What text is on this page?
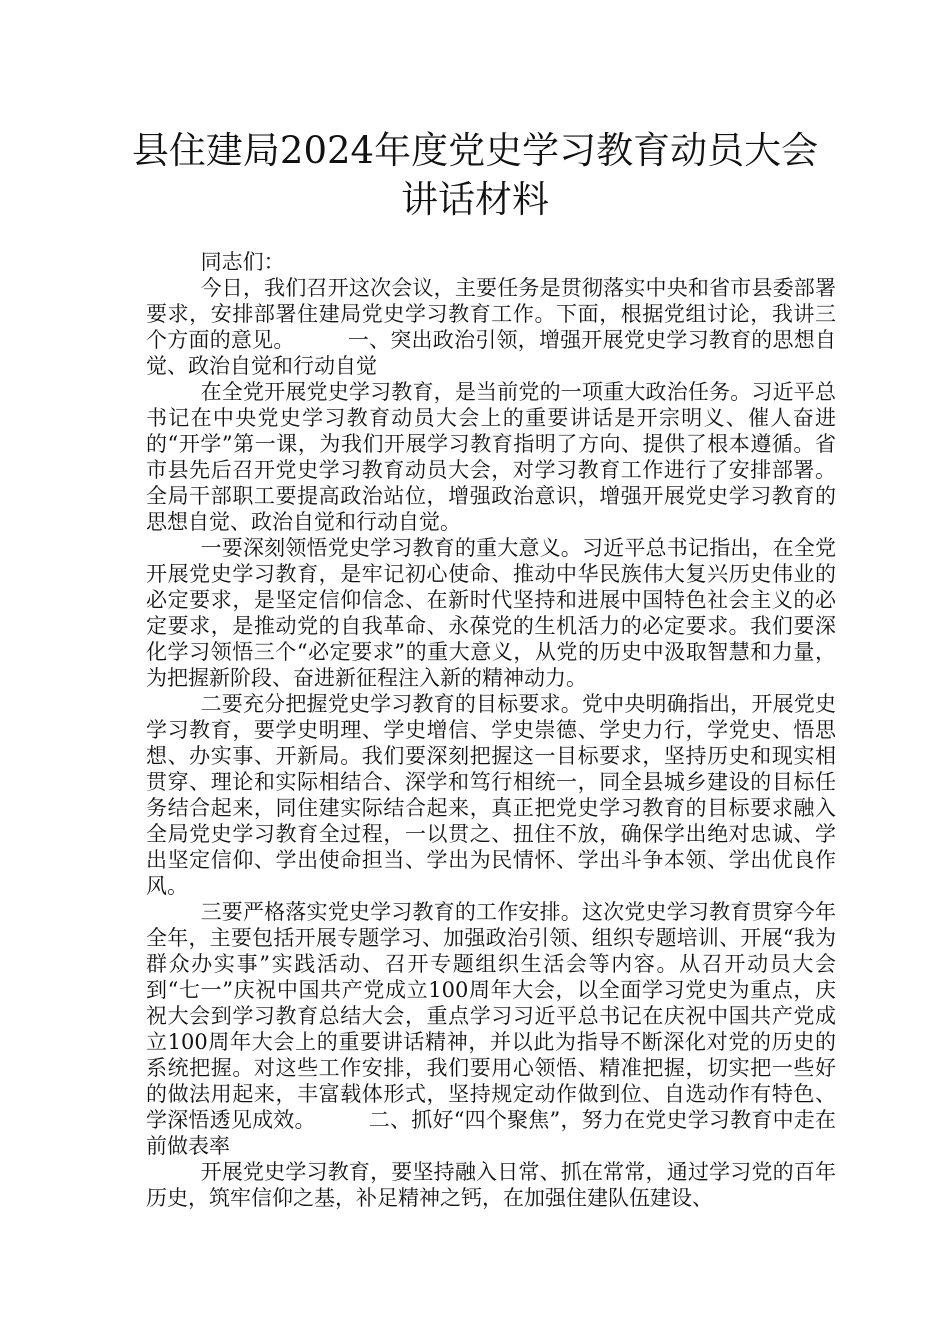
县住建局2024年度党史学习教育动员大会
讲话材料

同志们：

今日，我们召开这次会议，主要任务是贯彻落实中央和省市县委部署要求，安排部署住建局党史学习教育工作。下面，根据党组讨论，我讲三个方面的意见。　　　一、突出政治引领，增强开展党史学习教育的思想自觉、政治自觉和行动自觉

在全党开展党史学习教育，是当前党的一项重大政治任务。习近平总书记在中央党史学习教育动员大会上的重要讲话是开宗明义、催人奋进的“开学”第一课，为我们开展学习教育指明了方向、提供了根本遵循。省市县先后召开党史学习教育动员大会，对学习教育工作进行了安排部署。全局干部职工要提高政治站位，增强政治意识，增强开展党史学习教育的思想自觉、政治自觉和行动自觉。

一要深刻领悟党史学习教育的重大意义。习近平总书记指出，在全党开展党史学习教育，是牢记初心使命、推动中华民族伟大复兴历史伟业的必定要求，是坚定信仰信念、在新时代坚持和进展中国特色社会主义的必定要求，是推动党的自我革命、永葆党的生机活力的必定要求。我们要深化学习领悟三个“必定要求”的重大意义，从党的历史中汲取智慧和力量，为把握新阶段、奋进新征程注入新的精神动力。

二要充分把握党史学习教育的目标要求。党中央明确指出，开展党史学习教育，要学史明理、学史增信、学史崇德、学史力行，学党史、悟思想、办实事、开新局。我们要深刻把握这一目标要求，坚持历史和现实相贯穿、理论和实际相结合、深学和笃行相统一，同全县城乡建设的目标任务结合起来，同住建实际结合起来，真正把党史学习教育的目标要求融入全局党史学习教育全过程，一以贯之、扭住不放，确保学出绝对忠诚、学出坚定信仰、学出使命担当、学出为民情怀、学出斗争本领、学出优良作风。

三要严格落实党史学习教育的工作安排。这次党史学习教育贯穿今年全年，主要包括开展专题学习、加强政治引领、组织专题培训、开展“我为群众办实事”实践活动、召开专题组织生活会等内容。从召开动员大会到“七一”庆祝中国共产党成立100周年大会，以全面学习党史为重点，庆祝大会到学习教育总结大会，重点学习习近平总书记在庆祝中国共产党成立100周年大会上的重要讲话精神，并以此为指导不断深化对党的历史的系统把握。对这些工作安排，我们要用心领悟、精准把握，切实把一些好的做法用起来，丰富载体形式，坚持规定动作做到位、自选动作有特色、学深悟透见成效。　　　二、抓好“四个聚焦”，努力在党史学习教育中走在前做表率

开展党史学习教育，要坚持融入日常、抓在常常，通过学习党的百年历史，筑牢信仰之基，补足精神之钙，在加强住建队伍建设、
